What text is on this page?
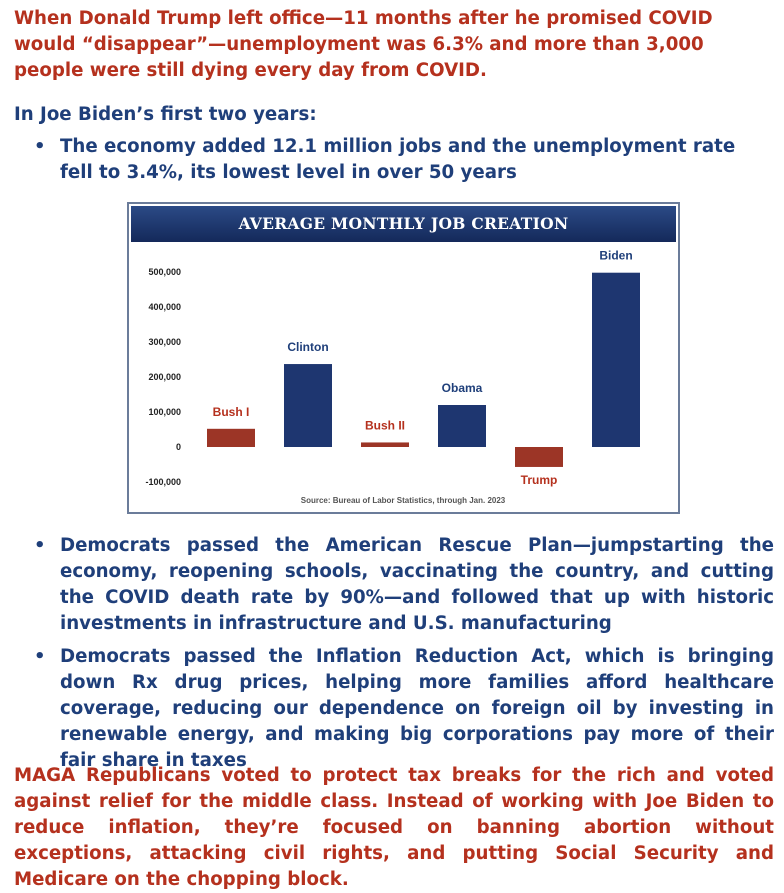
When Donald Trump left office—11 months after he promised COVID would “disappear”—unemployment was 6.3% and more than 3,000 people were still dying every day from COVID.

In Joe Biden’s first two years:

• The economy added 12.1 million jobs and the unemployment rate fell to 3.4%, its lowest level in over 50 years
AVERAGE MONTHLY JOB CREATION
-100,000
0
100,000
200,000
300,000
400,000
500,000
Bush I
Clinton
Bush II
Obama
Trump
Biden
Source: Bureau of Labor Statistics, through Jan. 2023
• Democrats passed the American Rescue Plan—jumpstarting the economy, reopening schools, vaccinating the country, and cutting the COVID death rate by 90%—and followed that up with historic investments in infrastructure and U.S. manufacturing
• Democrats passed the Inflation Reduction Act, which is bringing down Rx drug prices, helping more families afford healthcare coverage, reducing our dependence on foreign oil by investing in renewable energy, and making big corporations pay more of their fair share in taxes

MAGA Republicans voted to protect tax breaks for the rich and voted against relief for the middle class. Instead of working with Joe Biden to reduce inflation, they’re focused on banning abortion without exceptions, attacking civil rights, and putting Social Security and Medicare on the chopping block.
